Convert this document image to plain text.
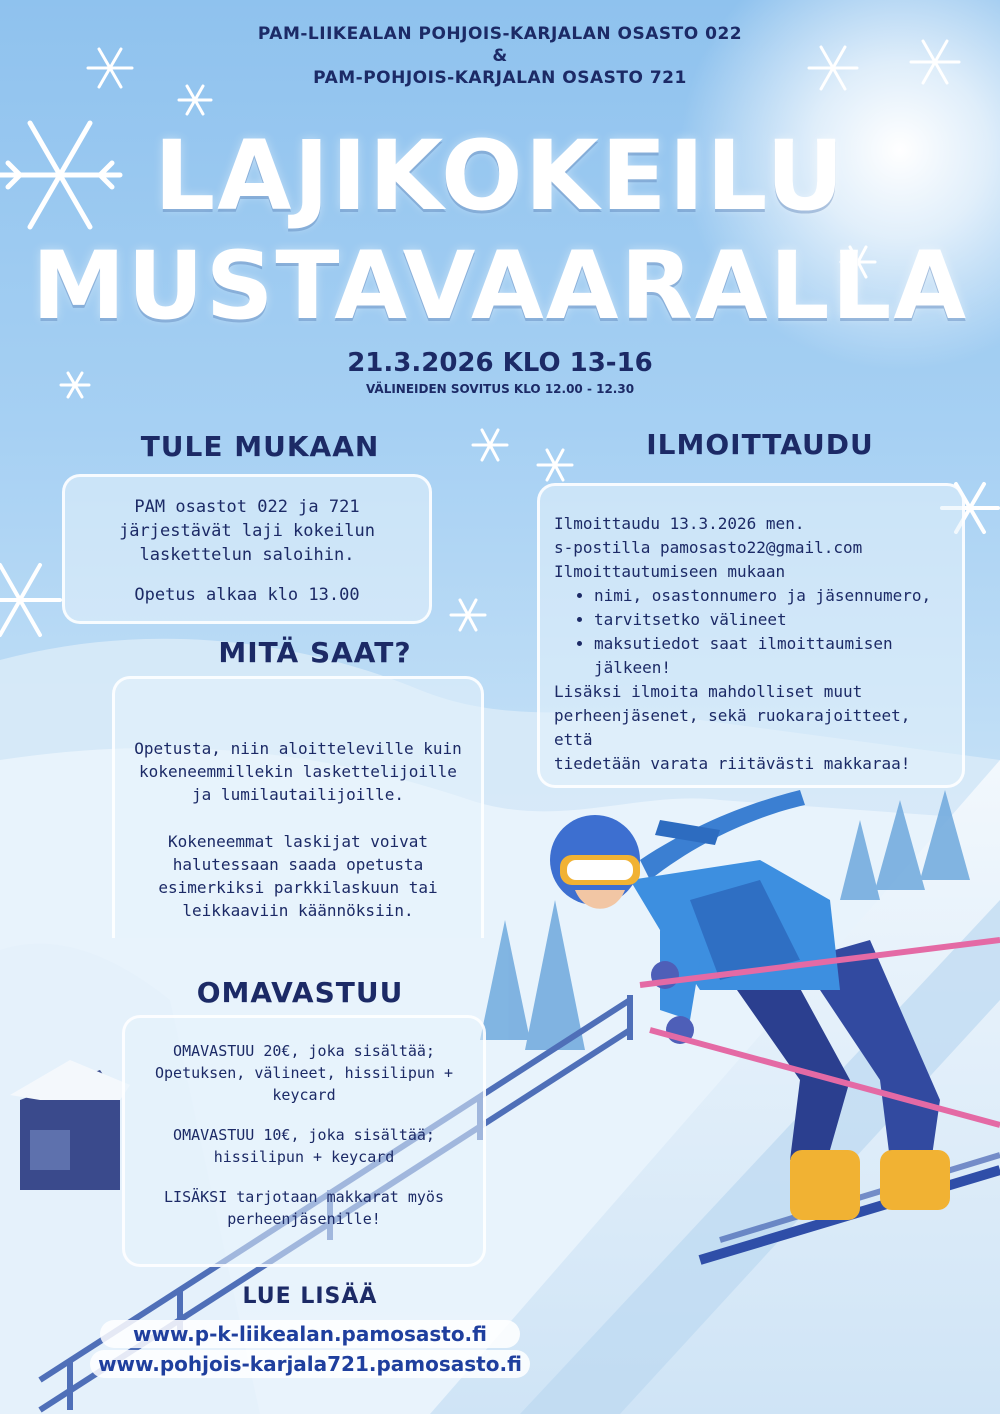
PAM-LIIKEALAN POHJOIS-KARJALAN OSASTO 022
&
PAM-POHJOIS-KARJALAN OSASTO 721
LAJIKOKEILU
MUSTAVAARALLA
21.3.2026 KLO 13-16
VÄLINEIDEN SOVITUS KLO 12.00 - 12.30
TULE MUKAAN
PAM osastot 022 ja 721
järjestävät laji kokeilun
laskettelun saloihin.
Opetus alkaa klo 13.00
ILMOITTAUDU
Ilmoittaudu 13.3.2026 men.
s-postilla pamosasto22@gmail.com
Ilmoittautumiseen mukaan
• nimi, osastonnumero ja jäsennumero,
• tarvitsetko välineet
• maksutiedot saat ilmoittaumisen jälkeen!
Lisäksi ilmoita mahdolliset muut
perheenjäsenet, sekä ruokarajoitteet, että
tiedetään varata riitävästi makkaraa!
MITÄ SAAT?
Opetusta, niin aloitteleville kuin
kokeneemmillekin laskettelijoille
ja lumilautailijoille.
Kokeneemmat laskijat voivat
halutessaan saada opetusta
esimerkiksi parkkilaskuun tai
leikkaaviin käännöksiin.
OMAVASTUU
OMAVASTUU 20€, joka sisältää;
Opetuksen, välineet, hissilipun +
keycard
OMAVASTUU 10€, joka sisältää;
hissilipun + keycard
LISÄKSI tarjotaan makkarat myös
perheenjäsenille!
LUE LISÄÄ
www.p-k-liikealan.pamosasto.fi
www.pohjois-karjala721.pamosasto.fi
